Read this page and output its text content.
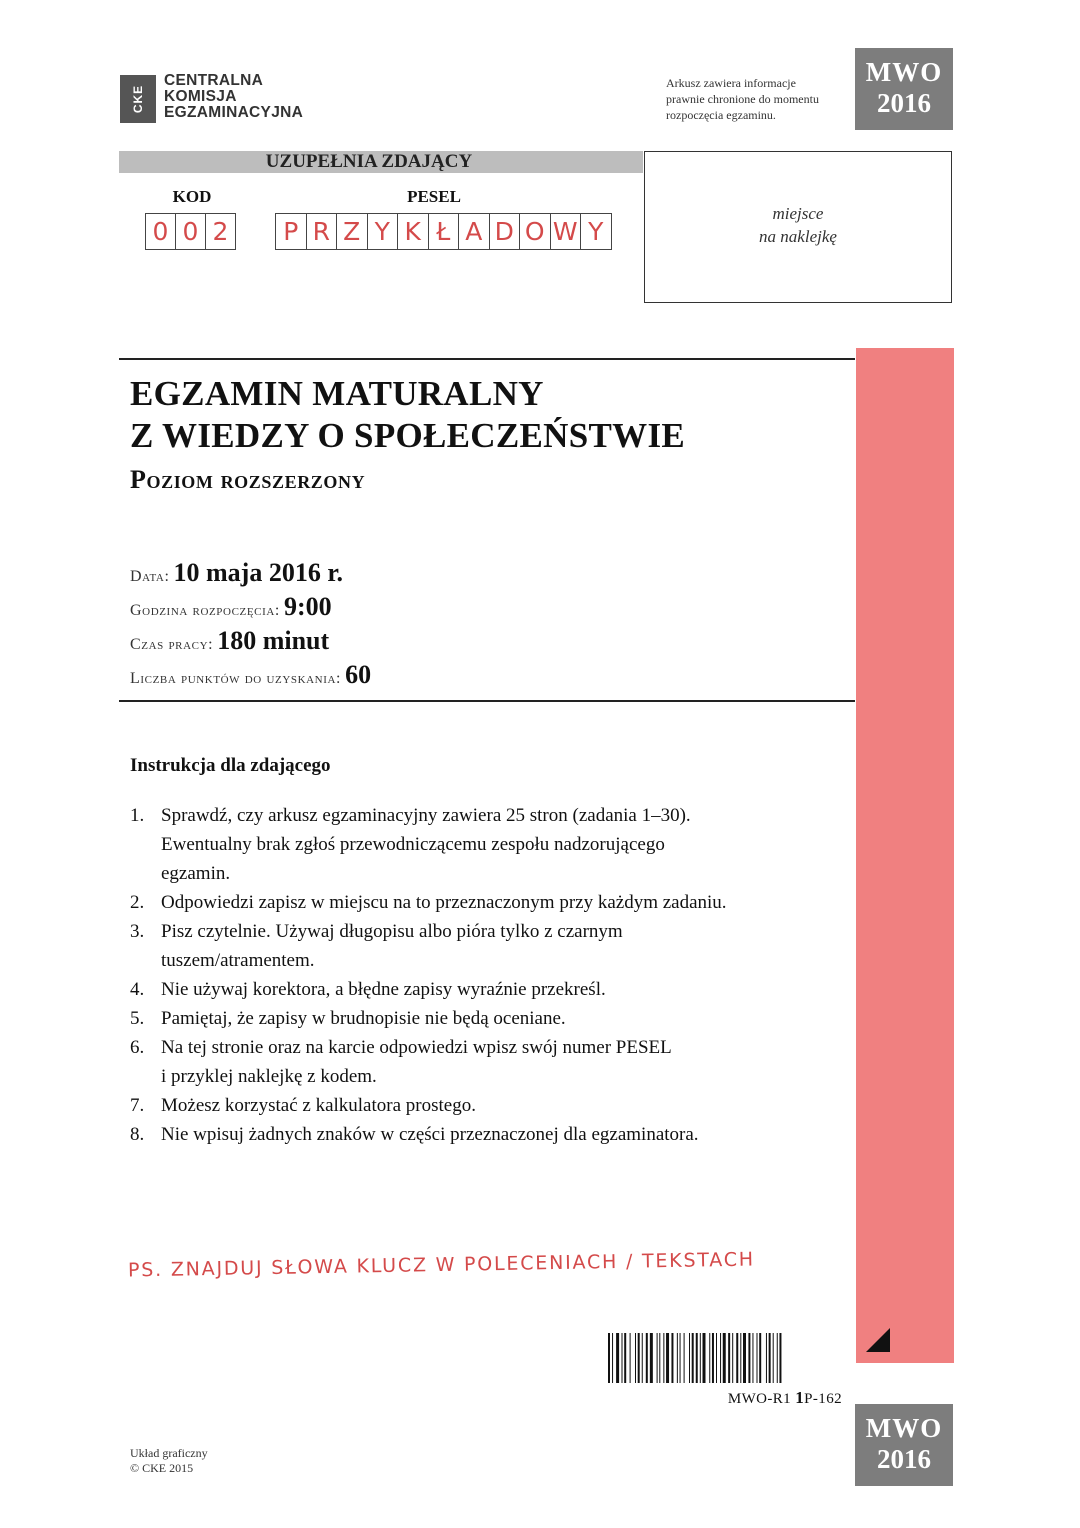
CKE
CENTRALNA
KOMISJA
EGZAMINACYJNA
Arkusz zawiera informacje
prawnie chronione do momentu
rozpoczęcia egzaminu.
MWO
2016
UZUPEŁNIA ZDAJĄCY
KOD	PESEL
0 0 2	P R Z Y K Ł A D O W Y
miejsce
na naklejkę
EGZAMIN MATURALNY
Z WIEDZY O SPOŁECZEŃSTWIE
Poziom rozszerzony
Data: 10 maja 2016 r.
Godzina rozpoczęcia: 9:00
Czas pracy: 180 minut
Liczba punktów do uzyskania: 60
Instrukcja dla zdającego
1. Sprawdź, czy arkusz egzaminacyjny zawiera 25 stron (zadania 1–30).
Ewentualny brak zgłoś przewodniczącemu zespołu nadzorującego
egzamin.
2. Odpowiedzi zapisz w miejscu na to przeznaczonym przy każdym zadaniu.
3. Pisz czytelnie. Używaj długopisu albo pióra tylko z czarnym
tuszem/atramentem.
4. Nie używaj korektora, a błędne zapisy wyraźnie przekreśl.
5. Pamiętaj, że zapisy w brudnopisie nie będą oceniane.
6. Na tej stronie oraz na karcie odpowiedzi wpisz swój numer PESEL
i przyklej naklejkę z kodem.
7. Możesz korzystać z kalkulatora prostego.
8. Nie wpisuj żadnych znaków w części przeznaczonej dla egzaminatora.
PS. ZNAJDUJ SŁOWA KLUCZ W POLECENIACH / TEKSTACH
MWO-R1 1P-162
Układ graficzny
© CKE 2015
MWO
2016
